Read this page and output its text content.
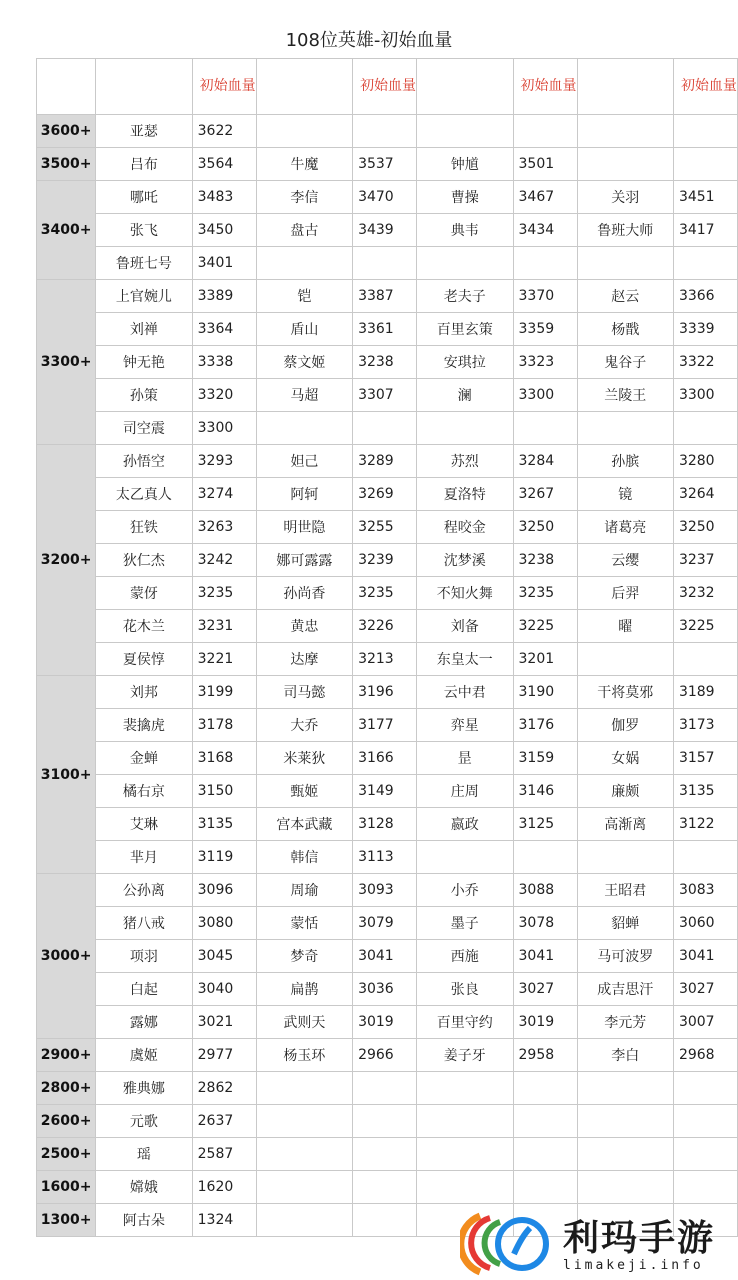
108位英雄-初始血量
		初始血量		初始血量		初始血量		初始血量
3600+	亚瑟	3622						
3500+	吕布	3564	牛魔	3537	钟馗	3501		
3400+	哪吒	3483	李信	3470	曹操	3467	关羽	3451
	张飞	3450	盘古	3439	典韦	3434	鲁班大师	3417
	鲁班七号	3401						
3300+	上官婉儿	3389	铠	3387	老夫子	3370	赵云	3366
	刘禅	3364	盾山	3361	百里玄策	3359	杨戬	3339
	钟无艳	3338	蔡文姬	3238	安琪拉	3323	鬼谷子	3322
	孙策	3320	马超	3307	澜	3300	兰陵王	3300
	司空震	3300						
3200+	孙悟空	3293	妲己	3289	苏烈	3284	孙膑	3280
	太乙真人	3274	阿轲	3269	夏洛特	3267	镜	3264
	狂铁	3263	明世隐	3255	程咬金	3250	诸葛亮	3250
	狄仁杰	3242	娜可露露	3239	沈梦溪	3238	云缨	3237
	蒙伢	3235	孙尚香	3235	不知火舞	3235	后羿	3232
	花木兰	3231	黄忠	3226	刘备	3225	曜	3225
	夏侯惇	3221	达摩	3213	东皇太一	3201		
3100+	刘邦	3199	司马懿	3196	云中君	3190	干将莫邪	3189
	裴擒虎	3178	大乔	3177	弈星	3176	伽罗	3173
	金蝉	3168	米莱狄	3166	昰	3159	女娲	3157
	橘右京	3150	甄姬	3149	庄周	3146	廉颇	3135
	艾琳	3135	宫本武藏	3128	嬴政	3125	高渐离	3122
	芈月	3119	韩信	3113				
3000+	公孙离	3096	周瑜	3093	小乔	3088	王昭君	3083
	猪八戒	3080	蒙恬	3079	墨子	3078	貂蝉	3060
	项羽	3045	梦奇	3041	西施	3041	马可波罗	3041
	白起	3040	扁鹊	3036	张良	3027	成吉思汗	3027
	露娜	3021	武则天	3019	百里守约	3019	李元芳	3007
2900+	虞姬	2977	杨玉环	2966	姜子牙	2958	李白	2968
2800+	雅典娜	2862						
2600+	元歌	2637						
2500+	瑶	2587						
1600+	嫦娥	1620						
1300+	阿古朵	1324							利玛手游
limakeji.info
